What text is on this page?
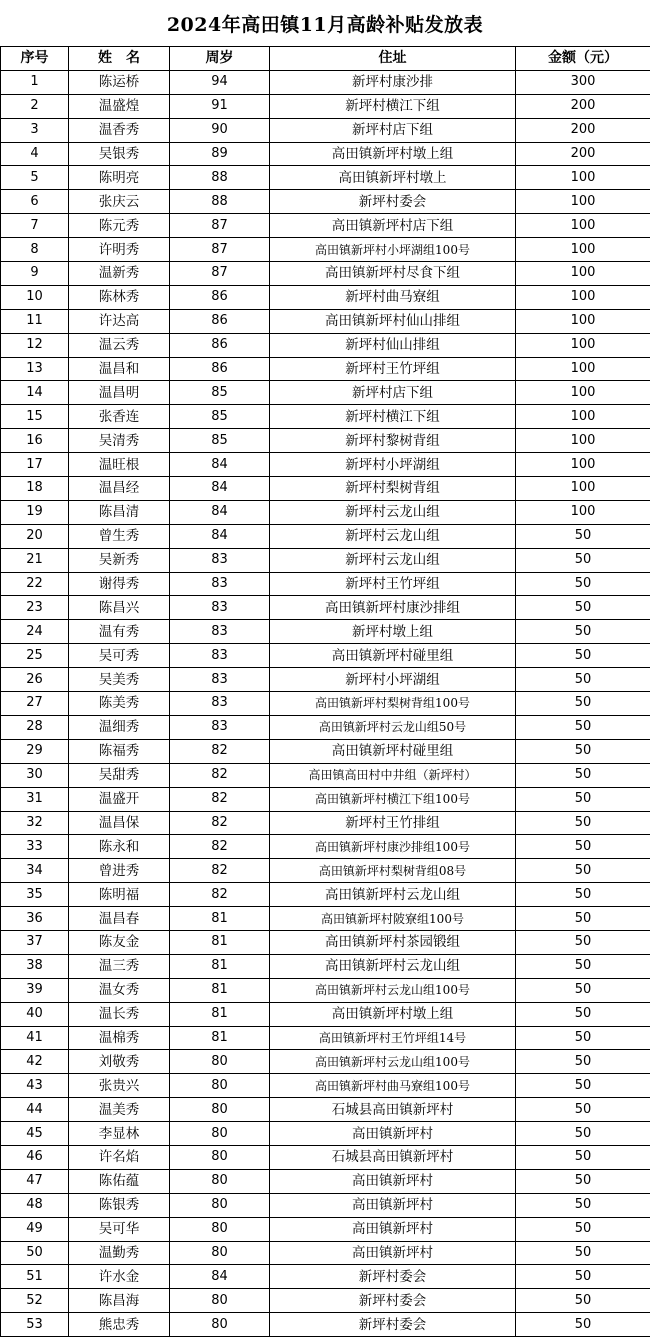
2024年高田镇11月高龄补贴发放表
序号	姓　名	周岁	住址	金额（元）
1	陈运桥	94	新坪村康沙排	300
2	温盛煌	91	新坪村横江下组	200
3	温香秀	90	新坪村店下组	200
4	吴银秀	89	高田镇新坪村墩上组	200
5	陈明亮	88	高田镇新坪村墩上	100
6	张庆云	88	新坪村委会	100
7	陈元秀	87	高田镇新坪村店下组	100
8	许明秀	87	高田镇新坪村小坪湖组100号	100
9	温新秀	87	高田镇新坪村尽食下组	100
10	陈林秀	86	新坪村曲马寮组	100
11	许达高	86	高田镇新坪村仙山排组	100
12	温云秀	86	新坪村仙山排组	100
13	温昌和	86	新坪村王竹坪组	100
14	温昌明	85	新坪村店下组	100
15	张香连	85	新坪村横江下组	100
16	吴清秀	85	新坪村黎树背组	100
17	温旺根	84	新坪村小坪湖组	100
18	温昌经	84	新坪村梨树背组	100
19	陈昌清	84	新坪村云龙山组	100
20	曾生秀	84	新坪村云龙山组	50
21	吴新秀	83	新坪村云龙山组	50
22	谢得秀	83	新坪村王竹坪组	50
23	陈昌兴	83	高田镇新坪村康沙排组	50
24	温有秀	83	新坪村墩上组	50
25	吴可秀	83	高田镇新坪村碰里组	50
26	吴美秀	83	新坪村小坪湖组	50
27	陈美秀	83	高田镇新坪村梨树背组100号	50
28	温细秀	83	高田镇新坪村云龙山组50号	50
29	陈福秀	82	高田镇新坪村碰里组	50
30	吴甜秀	82	高田镇高田村中井组（新坪村）	50
31	温盛开	82	高田镇新坪村横江下组100号	50
32	温昌保	82	新坪村王竹排组	50
33	陈永和	82	高田镇新坪村康沙排组100号	50
34	曾进秀	82	高田镇新坪村梨树背组08号	50
35	陈明福	82	高田镇新坪村云龙山组	50
36	温昌春	81	高田镇新坪村陂寮组100号	50
37	陈友金	81	高田镇新坪村茶园锻组	50
38	温三秀	81	高田镇新坪村云龙山组	50
39	温女秀	81	高田镇新坪村云龙山组100号	50
40	温长秀	81	高田镇新坪村墩上组	50
41	温棉秀	81	高田镇新坪村王竹坪组14号	50
42	刘敬秀	80	高田镇新坪村云龙山组100号	50
43	张贵兴	80	高田镇新坪村曲马寮组100号	50
44	温美秀	80	石城县高田镇新坪村	50
45	李显林	80	高田镇新坪村	50
46	许名焰	80	石城县高田镇新坪村	50
47	陈佑蕴	80	高田镇新坪村	50
48	陈银秀	80	高田镇新坪村	50
49	吴可华	80	高田镇新坪村	50
50	温勤秀	80	高田镇新坪村	50
51	许水金	84	新坪村委会	50
52	陈昌海	80	新坪村委会	50
53	熊忠秀	80	新坪村委会	50
